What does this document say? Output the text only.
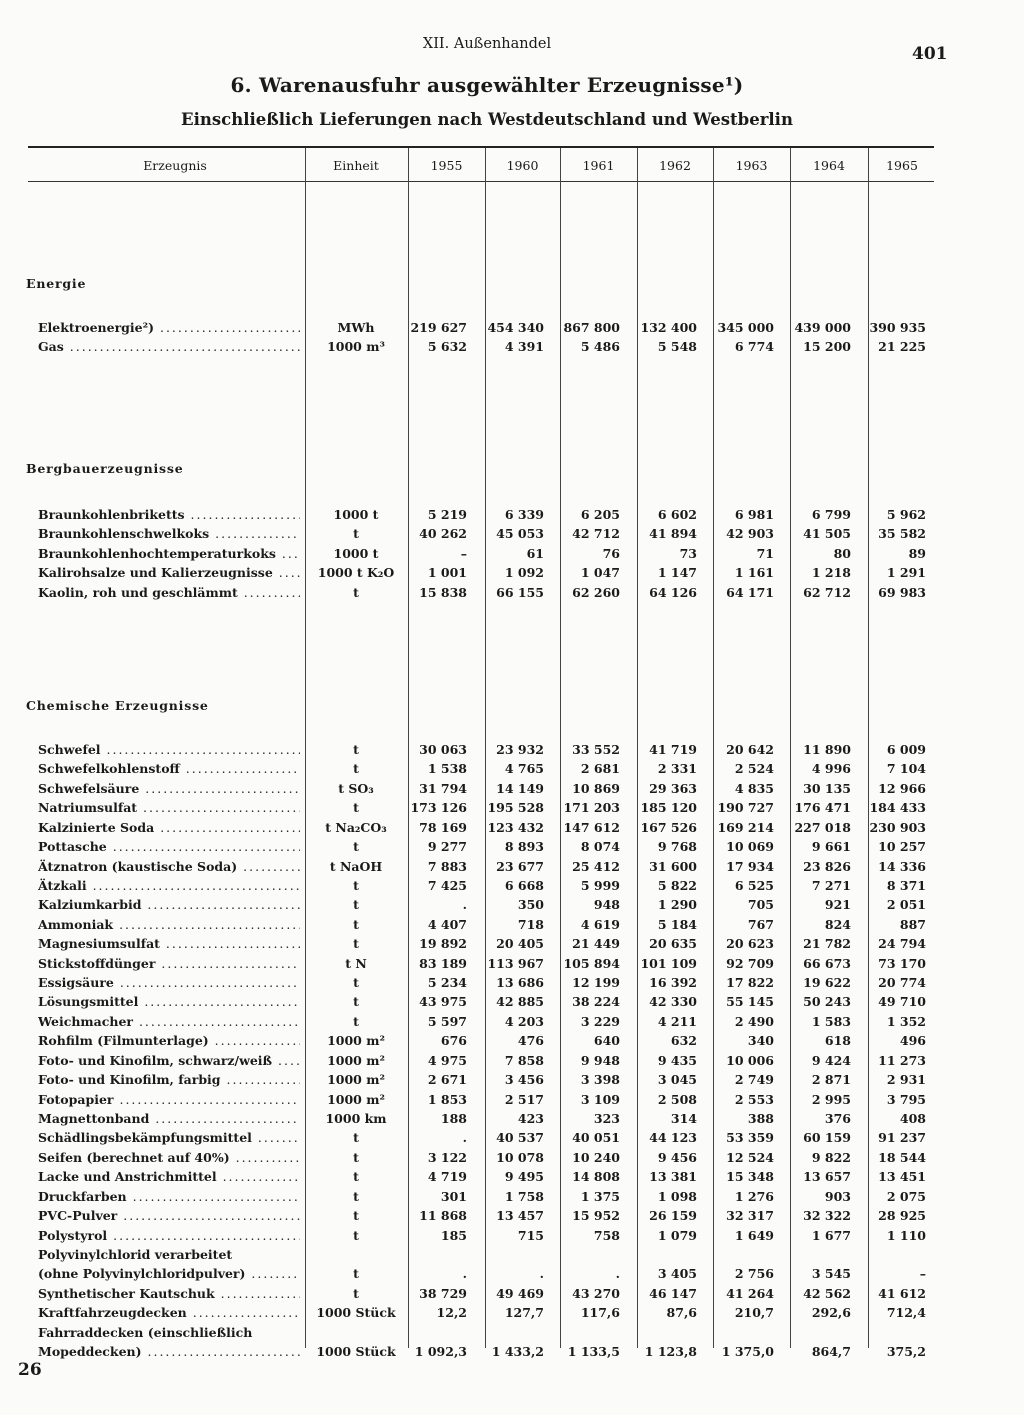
XII. Außenhandel	401
6. Warenausfuhr ausgewählter Erzeugnisse¹)
Einschließlich Lieferungen nach Westdeutschland und Westberlin
Erzeugnis	Einheit	1955	1960	1961	1962	1963	1964	1965
Energie
Elektroenergie²) .....	MWh	219 627	454 340	867 800	132 400	345 000	439 000	390 935
Gas .....	1000 m³	5 632	4 391	5 486	5 548	6 774	15 200	21 225
Bergbauerzeugnisse
Braunkohlenbriketts .....	1000 t	5 219	6 339	6 205	6 602	6 981	6 799	5 962
Braunkohlenschwelkoks .....	t	40 262	45 053	42 712	41 894	42 903	41 505	35 582
Braunkohlenhochtemperaturkoks .....	1000 t	–	61	76	73	71	80	89
Kalirohsalze und Kalierzeugnisse .....	1000 t K₂O	1 001	1 092	1 047	1 147	1 161	1 218	1 291
Kaolin, roh und geschlämmt .....	t	15 838	66 155	62 260	64 126	64 171	62 712	69 983
Chemische Erzeugnisse
Schwefel .....	t	30 063	23 932	33 552	41 719	20 642	11 890	6 009
Schwefelkohlenstoff .....	t	1 538	4 765	2 681	2 331	2 524	4 996	7 104
Schwefelsäure .....	t SO₃	31 794	14 149	10 869	29 363	4 835	30 135	12 966
Natriumsulfat .....	t	173 126	195 528	171 203	185 120	190 727	176 471	184 433
Kalzinierte Soda .....	t Na₂CO₃	78 169	123 432	147 612	167 526	169 214	227 018	230 903
Pottasche .....	t	9 277	8 893	8 074	9 768	10 069	9 661	10 257
Ätznatron (kaustische Soda) .....	t NaOH	7 883	23 677	25 412	31 600	17 934	23 826	14 336
Ätzkali .....	t	7 425	6 668	5 999	5 822	6 525	7 271	8 371
Kalziumkarbid .....	t	.	350	948	1 290	705	921	2 051
Ammoniak .....	t	4 407	718	4 619	5 184	767	824	887
Magnesiumsulfat .....	t	19 892	20 405	21 449	20 635	20 623	21 782	24 794
Stickstoffdünger .....	t N	83 189	113 967	105 894	101 109	92 709	66 673	73 170
Essigsäure .....	t	5 234	13 686	12 199	16 392	17 822	19 622	20 774
Lösungsmittel .....	t	43 975	42 885	38 224	42 330	55 145	50 243	49 710
Weichmacher .....	t	5 597	4 203	3 229	4 211	2 490	1 583	1 352
Rohfilm (Filmunterlage) .....	1000 m²	676	476	640	632	340	618	496
Foto- und Kinofilm, schwarz/weiß .....	1000 m²	4 975	7 858	9 948	9 435	10 006	9 424	11 273
Foto- und Kinofilm, farbig .....	1000 m²	2 671	3 456	3 398	3 045	2 749	2 871	2 931
Fotopapier .....	1000 m²	1 853	2 517	3 109	2 508	2 553	2 995	3 795
Magnettonband .....	1000 km	188	423	323	314	388	376	408
Schädlingsbekämpfungsmittel .....	t	.	40 537	40 051	44 123	53 359	60 159	91 237
Seifen (berechnet auf 40%) .....	t	3 122	10 078	10 240	9 456	12 524	9 822	18 544
Lacke und Anstrichmittel .....	t	4 719	9 495	14 808	13 381	15 348	13 657	13 451
Druckfarben .....	t	301	1 758	1 375	1 098	1 276	903	2 075
PVC-Pulver .....	t	11 868	13 457	15 952	26 159	32 317	32 322	28 925
Polystyrol .....	t	185	715	758	1 079	1 649	1 677	1 110
Polyvinylchlorid verarbeitet
(ohne Polyvinylchloridpulver) .....	t	.	.	.	3 405	2 756	3 545	–
Synthetischer Kautschuk .....	t	38 729	49 469	43 270	46 147	41 264	42 562	41 612
Kraftfahrzeugdecken .....	1000 Stück	12,2	127,7	117,6	87,6	210,7	292,6	712,4
Fahrraddecken (einschließlich
Mopeddecken) .....	1000 Stück	1 092,3	1 433,2	1 133,5	1 123,8	1 375,0	864,7	375,2
26
